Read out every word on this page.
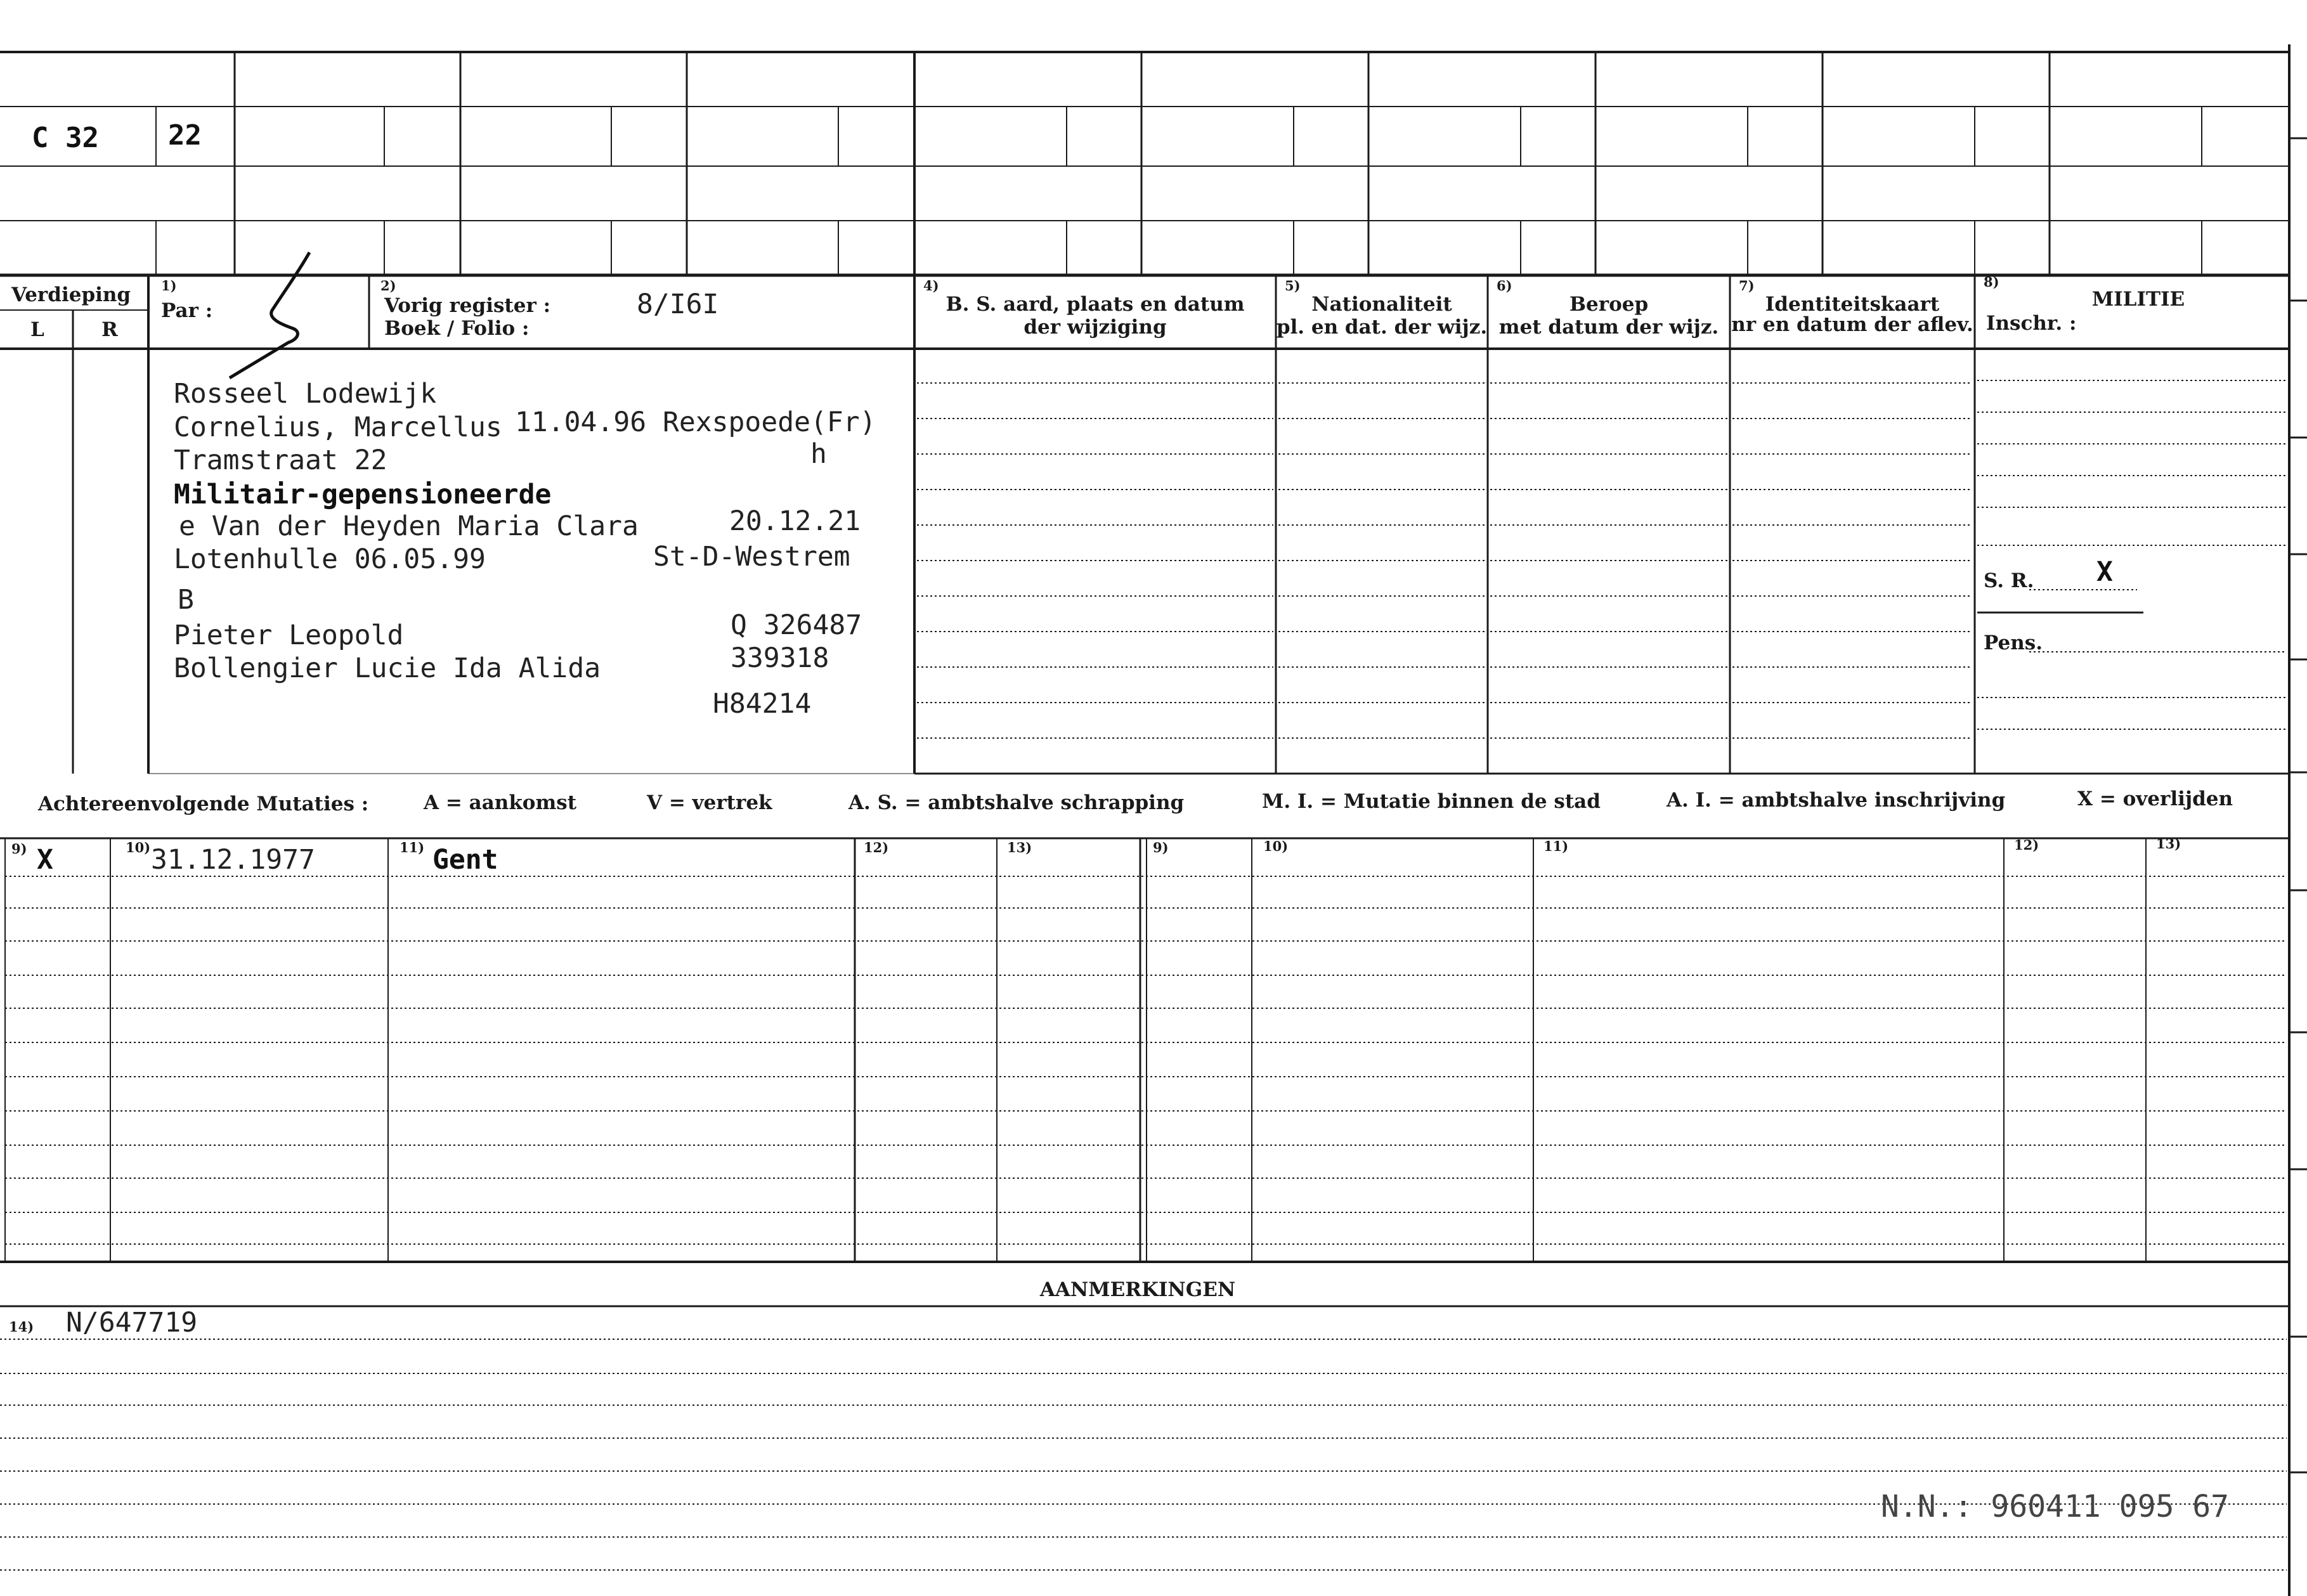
C 32 22
Verdieping
L	R
1)
Par :
2)
Vorig register :
Boek / Folio :
8/I6I
4)
B. S. aard, plaats en datum
der wijziging
5)
Nationaliteit
pl. en dat. der wijz.
6)
Beroep
met datum der wijz.
7)
Identiteitskaart
nr en datum der aflev.
8)
MILITIE
Inschr. :
Rosseel Lodewijk
Cornelius, Marcellus 11.04.96 Rexspoede(Fr)
Tramstraat 22	h
Militair-gepensioneerde
e Van der Heyden Maria Clara	20.12.21
Lotenhulle 06.05.99	St-D-Westrem
B
Pieter Leopold	Q 326487
Bollengier Lucie Ida Alida	339318
H84214
S. R. X
Pens.
Achtereenvolgende Mutaties :	A = aankomst	V = vertrek	A. S. = ambtshalve schrapping	M. I. = Mutatie binnen de stad	A. I. = ambtshalve inschrijving	X = overlijden
9)	10)	11)	12)	13)	9)	10)	11)	12)	13)
X	31.12.1977	Gent
AANMERKINGEN
14) N/647719
N.N.: 960411 095 67
